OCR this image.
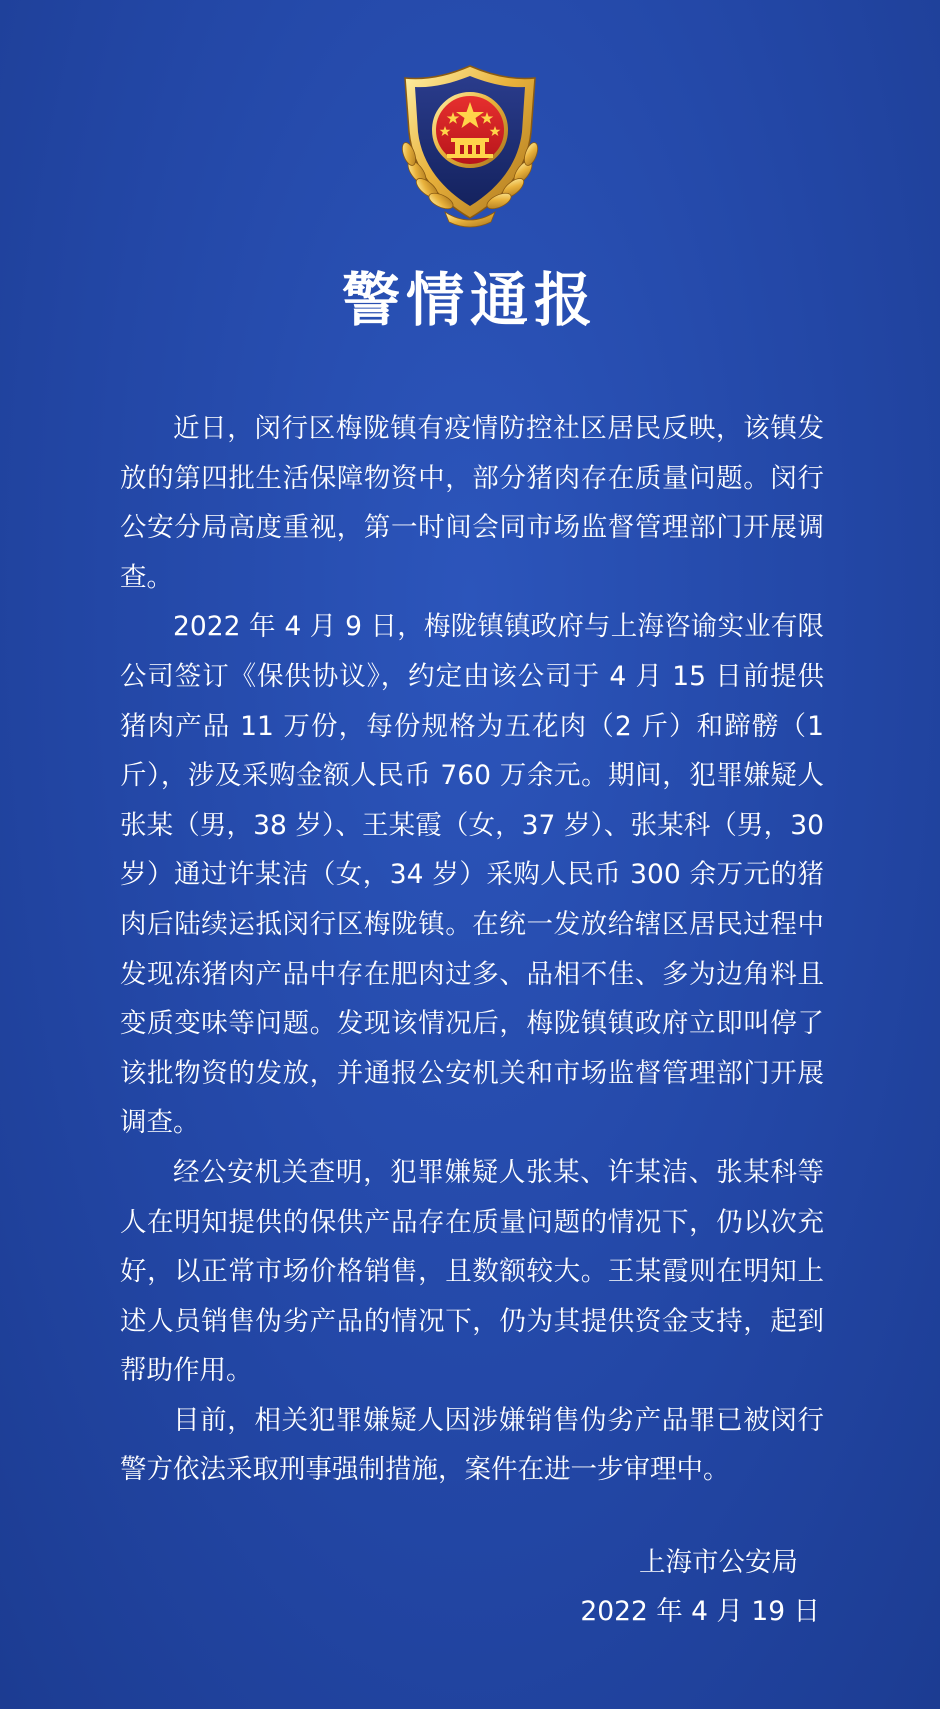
警情通报

近日，闵行区梅陇镇有疫情防控社区居民反映，该镇发放的第四批生活保障物资中，部分猪肉存在质量问题。闵行公安分局高度重视，第一时间会同市场监督管理部门开展调查。

2022 年 4 月 9 日，梅陇镇镇政府与上海咨谕实业有限公司签订《保供协议》，约定由该公司于 4 月 15 日前提供猪肉产品 11 万份，每份规格为五花肉（2 斤）和蹄髈（1 斤），涉及采购金额人民币 760 万余元。期间，犯罪嫌疑人张某（男，38 岁）、王某霞（女，37 岁）、张某科（男，30 岁）通过许某洁（女，34 岁）采购人民币 300 余万元的猪肉后陆续运抵闵行区梅陇镇。在统一发放给辖区居民过程中发现冻猪肉产品中存在肥肉过多、品相不佳、多为边角料且变质变味等问题。发现该情况后，梅陇镇镇政府立即叫停了该批物资的发放，并通报公安机关和市场监督管理部门开展调查。

经公安机关查明，犯罪嫌疑人张某、许某洁、张某科等人在明知提供的保供产品存在质量问题的情况下，仍以次充好，以正常市场价格销售，且数额较大。王某霞则在明知上述人员销售伪劣产品的情况下，仍为其提供资金支持，起到帮助作用。

目前，相关犯罪嫌疑人因涉嫌销售伪劣产品罪已被闵行警方依法采取刑事强制措施，案件在进一步审理中。

上海市公安局
2022 年 4 月 19 日
